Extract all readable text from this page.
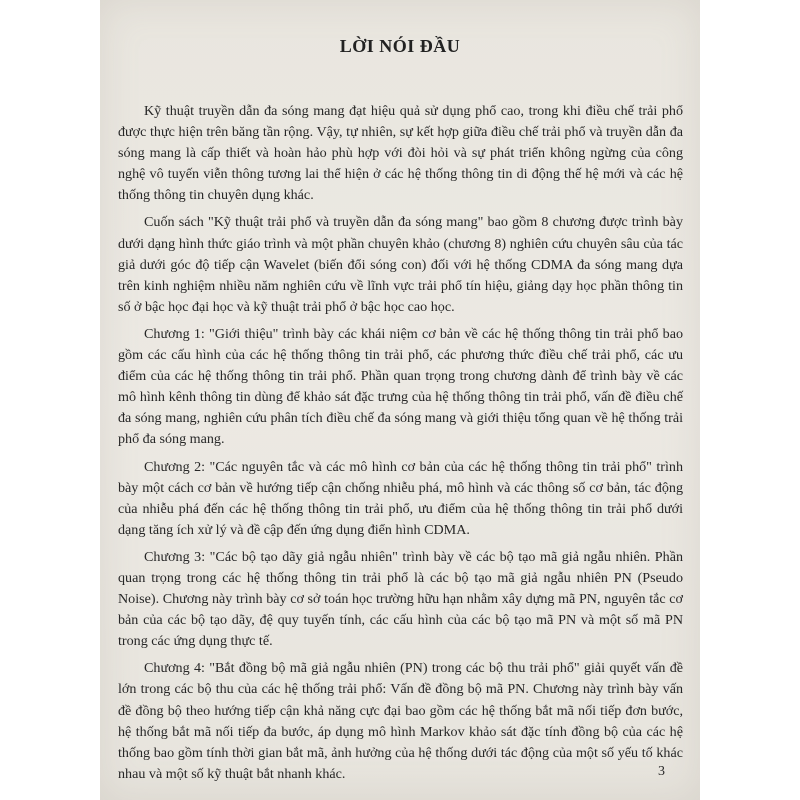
LỜI NÓI ĐẦU

Kỹ thuật truyền dẫn đa sóng mang đạt hiệu quả sử dụng phổ cao, trong khi điều chế trải phổ được thực hiện trên băng tần rộng. Vậy, tự nhiên, sự kết hợp giữa điều chế trải phổ và truyền dẫn đa sóng mang là cấp thiết và hoàn hảo phù hợp với đòi hỏi và sự phát triển không ngừng của công nghệ vô tuyến viễn thông tương lai thể hiện ở các hệ thống thông tin di động thế hệ mới và các hệ thống thông tin chuyên dụng khác.

Cuốn sách "Kỹ thuật trải phổ và truyền dẫn đa sóng mang" bao gồm 8 chương được trình bày dưới dạng hình thức giáo trình và một phần chuyên khảo (chương 8) nghiên cứu chuyên sâu của tác giả dưới góc độ tiếp cận Wavelet (biến đổi sóng con) đối với hệ thống CDMA đa sóng mang dựa trên kinh nghiệm nhiều năm nghiên cứu về lĩnh vực trải phổ tín hiệu, giảng dạy học phần thông tin số ở bậc học đại học và kỹ thuật trải phổ ở bậc học cao học.

Chương 1: "Giới thiệu" trình bày các khái niệm cơ bản về các hệ thống thông tin trải phổ bao gồm các cấu hình của các hệ thống thông tin trải phổ, các phương thức điều chế trải phổ, các ưu điểm của các hệ thống thông tin trải phổ. Phần quan trọng trong chương dành để trình bày về các mô hình kênh thông tin dùng để khảo sát đặc trưng của hệ thống thông tin trải phổ, vấn đề điều chế đa sóng mang, nghiên cứu phân tích điều chế đa sóng mang và giới thiệu tổng quan về hệ thống trải phổ đa sóng mang.

Chương 2: "Các nguyên tắc và các mô hình cơ bản của các hệ thống thông tin trải phổ" trình bày một cách cơ bản về hướng tiếp cận chống nhiễu phá, mô hình và các thông số cơ bản, tác động của nhiễu phá đến các hệ thống thông tin trải phổ, ưu điểm của hệ thống thông tin trải phổ dưới dạng tăng ích xử lý và đề cập đến ứng dụng điển hình CDMA.

Chương 3: "Các bộ tạo dãy giả ngẫu nhiên" trình bày về các bộ tạo mã giả ngẫu nhiên. Phần quan trọng trong các hệ thống thông tin trải phổ là các bộ tạo mã giả ngẫu nhiên PN (Pseudo Noise). Chương này trình bày cơ sở toán học trường hữu hạn nhằm xây dựng mã PN, nguyên tắc cơ bản của các bộ tạo dãy, đệ quy tuyến tính, các cấu hình của các bộ tạo mã PN và một số mã PN trong các ứng dụng thực tế.

Chương 4: "Bắt đồng bộ mã giả ngẫu nhiên (PN) trong các bộ thu trải phổ" giải quyết vấn đề lớn trong các bộ thu của các hệ thống trải phổ: Vấn đề đồng bộ mã PN. Chương này trình bày vấn đề đồng bộ theo hướng tiếp cận khả năng cực đại bao gồm các hệ thống bắt mã nối tiếp đơn bước, hệ thống bắt mã nối tiếp đa bước, áp dụng mô hình Markov khảo sát đặc tính đồng bộ của các hệ thống bao gồm tính thời gian bắt mã, ảnh hưởng của hệ thống dưới tác động của một số yếu tố khác nhau và một số kỹ thuật bắt nhanh khác.	3
